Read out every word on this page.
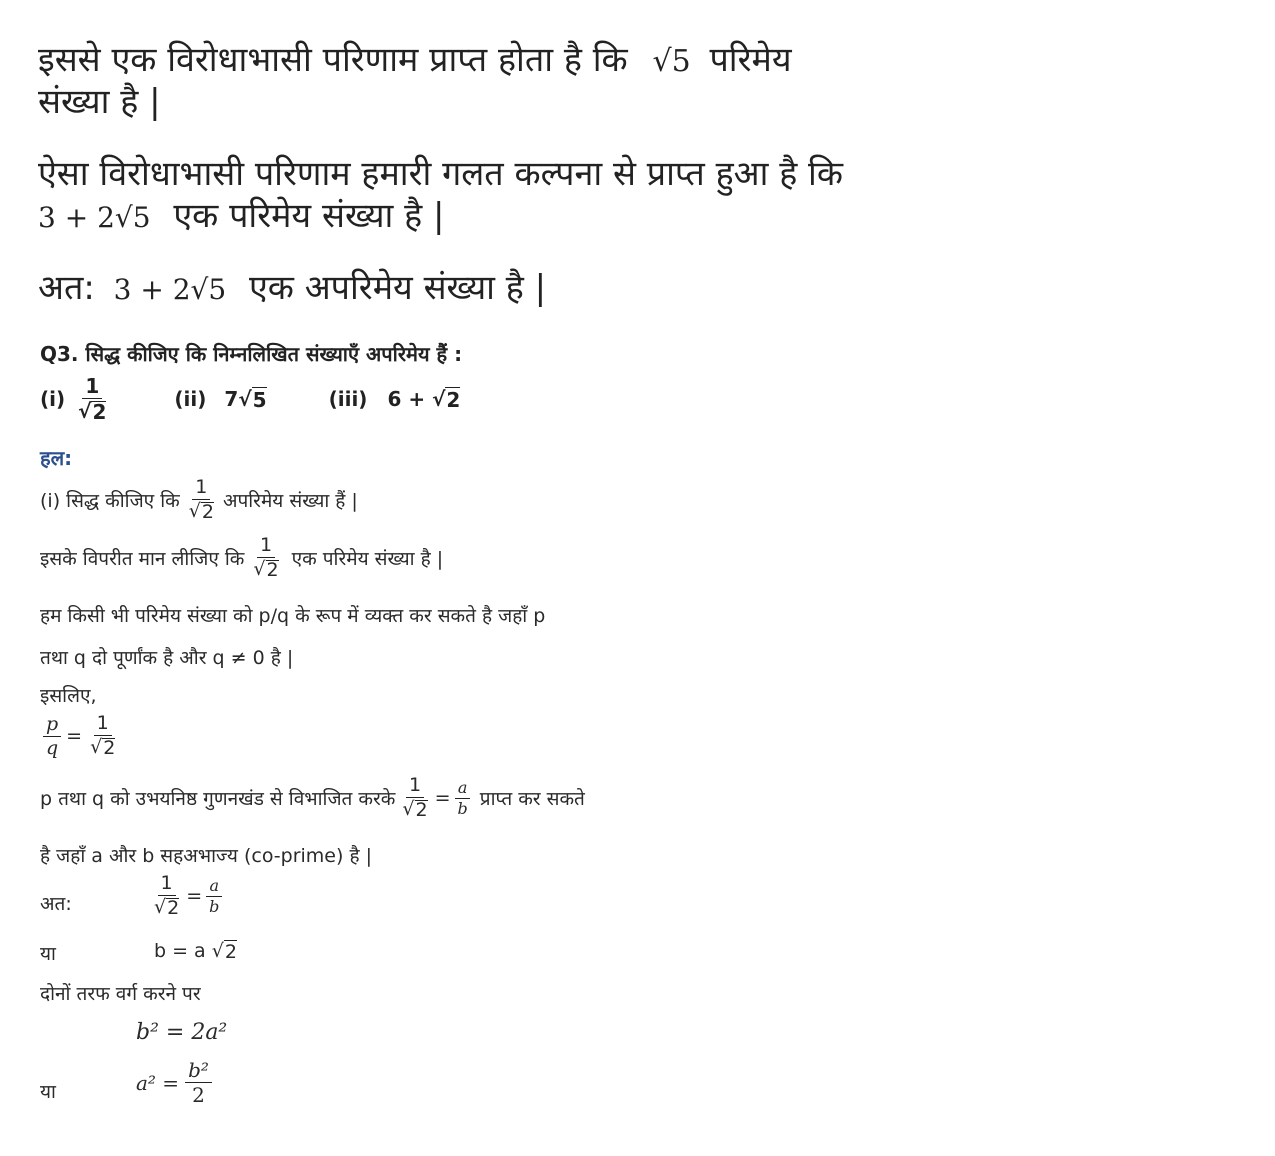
इससे एक विरोधाभासी परिणाम प्राप्त होता है कि √5 परिमेय
संख्या है |
ऐसा विरोधाभासी परिणाम हमारी गलत कल्पना से प्राप्त हुआ है कि
3 + 2√5 एक परिमेय संख्या है |
अत: 3 + 2√5 एक अपरिमेय संख्या है |
Q3. सिद्ध कीजिए कि निम्नलिखित संख्याएँ अपरिमेय हैं :
$(i) \frac{1}{√ 2}$	(ii) 7 √ 5	(iii) 6 + √ 2
हल:
(i) सिद्ध कीजिए कि $\frac{1}{√ 2}$ अपरिमेय संख्या हैं |
इसके विपरीत मान लीजिए कि $\frac{1}{√ 2}$ एक परिमेय संख्या है |
हम किसी भी परिमेय संख्या को p/q के रूप में व्यक्त कर सकते है जहाँ p
तथा q दो पूर्णांक है और q ≠ 0 है |
इसलिए,
$\frac{p}{q} = \frac{1}{√ 2}$
p तथा q को उभयनिष्ठ गुणनखंड से विभाजित करके $\frac{1}{√ 2} = \frac{a}{b}$ प्राप्त कर सकते
है जहाँ a और b सहअभाज्य (co-prime) है |
अत:	$\frac{1}{√ 2} = \frac{a}{b}$
या	b = a √ 2
दोनों तरफ वर्ग करने पर
b² = 2a²
या	$a^2 = \frac{\text{b²}}{2}$
